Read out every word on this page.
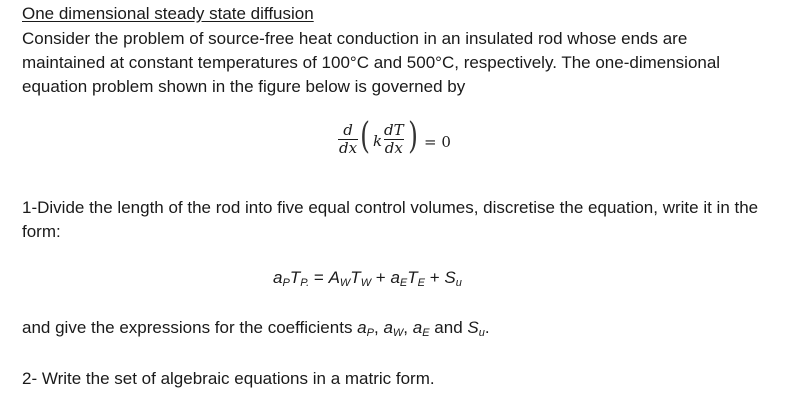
One dimensional steady state diffusion
Consider the problem of source-free heat conduction in an insulated rod whose ends are maintained at constant temperatures of 100°C and 500°C, respectively. The one-dimensional equation problem shown in the figure below is governed by
$\frac{d}{dx}$ ( k $\frac{dT}{dx}$ ) = 0
1-Divide the length of the rod into five equal control volumes, discretise the equation, write it in the form:
$a_PT_{P.} = A_WT_W + a_ET_E + S_u$
and give the expressions for the coefficients $a_P$, $a_W$, $a_E$ and $S_u$.
2- Write the set of algebraic equations in a matric form.
